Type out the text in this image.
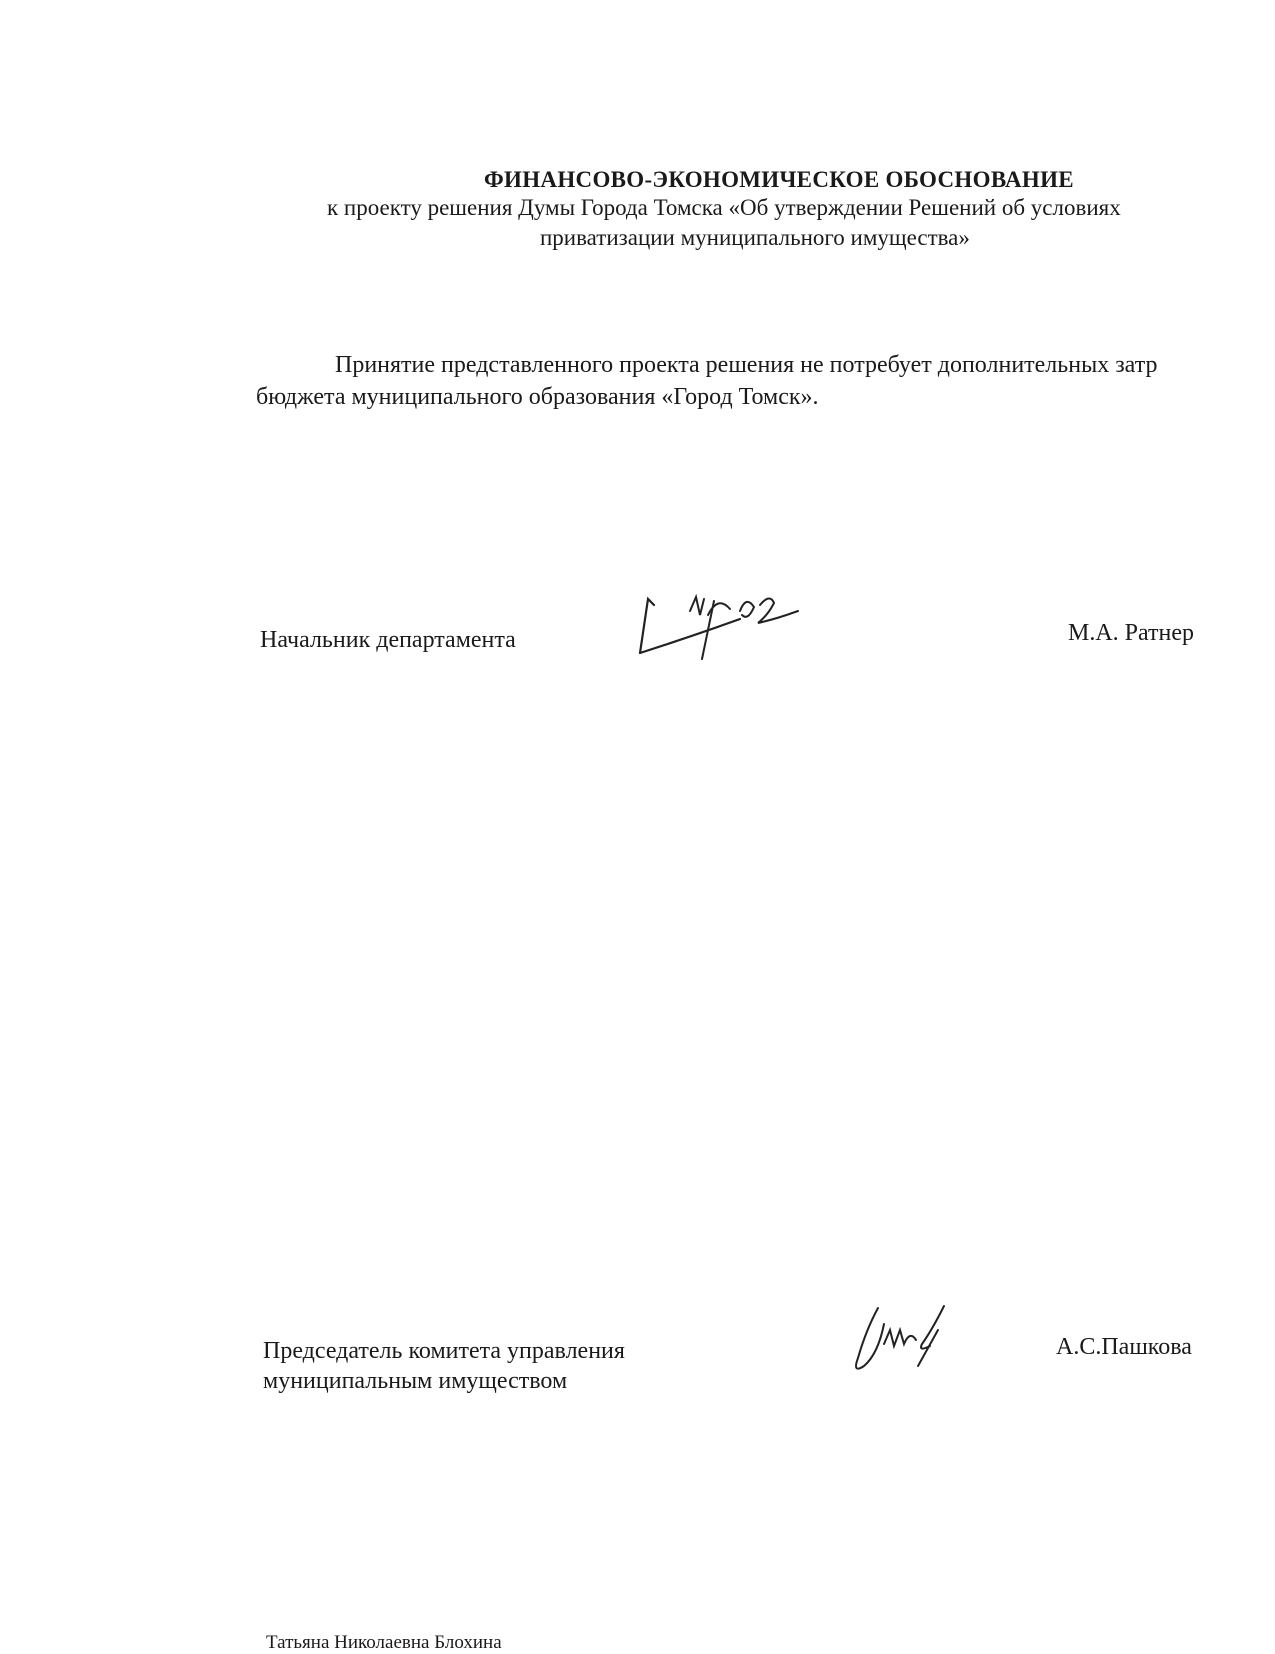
ФИНАНСОВО-ЭКОНОМИЧЕСКОЕ ОБОСНОВАНИЕ
к проекту решения Думы Города Томска «Об утверждении Решений об условиях
приватизации муниципального имущества»
Принятие представленного проекта решения не потребует дополнительных затр
бюджета муниципального образования «Город Томск».
Начальник департамента	М.А. Ратнер
Председатель комитета управления
муниципальным имуществом
А.С.Пашкова
Татьяна Николаевна Блохина
